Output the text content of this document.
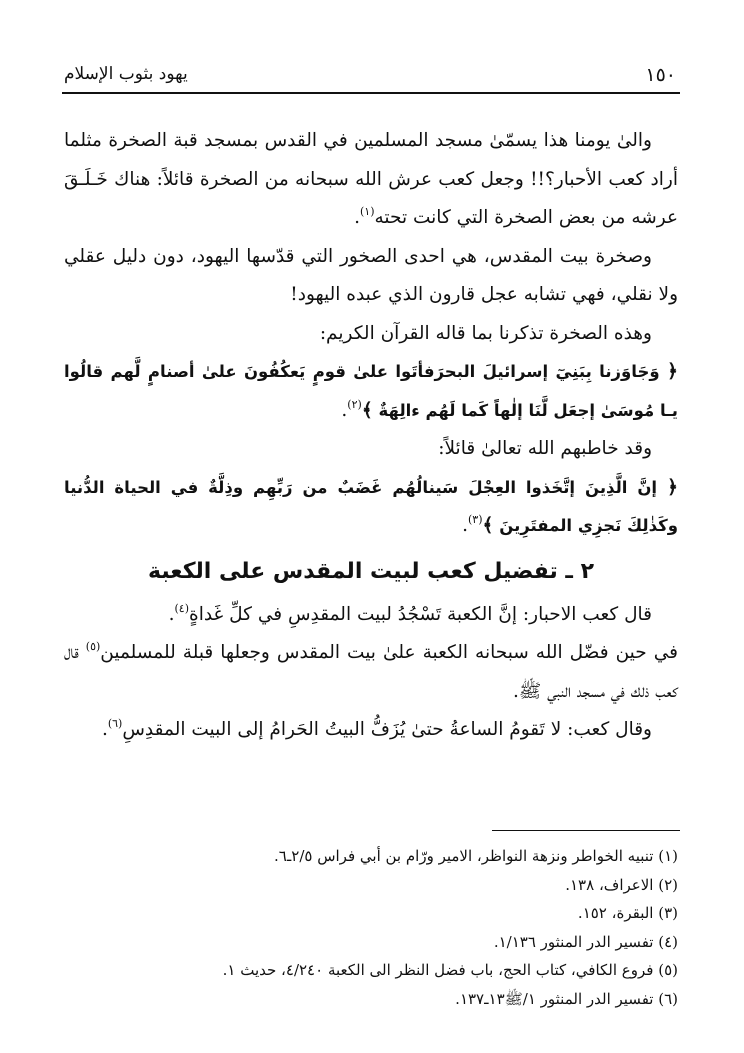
١٥٠
يهود بثوب الإسلام

والىٰ يومنا هذا يسمّىٰ مسجد المسلمين في القدس بمسجد قبة الصخرة مثلما أراد كعب الأحبار؟!! وجعل كعب عرش الله سبحانه من الصخرة قائلاً: هناك خَـلَـقَ عرشه من بعض الصخرة التي كانت تحته$^{(١)}$.

وصخرة بيت المقدس، هي احدى الصخور التي قدّسها اليهود، دون دليل عقلي ولا نقلي، فهي تشابه عجل قارون الذي عبده اليهود!

وهذه الصخرة تذكرنا بما قاله القرآن الكريم:

﴿ وَجَاوَزنا بِبَنِيٓ إسرائيلَ البحرَفأتَوا علىٰ قومٍ يَعكُفُونَ علىٰ أصنامٍ لَّهم قالُوا يـا مُوسَىٰ إجعَل لَّنَا إلٰهاً كَما لَهُم ءالِهَةٌ ﴾$^{(٢)}$.

وقد خاطبهم الله تعالىٰ قائلاً:

﴿ إنَّ الَّذِينَ إتَّخَذوا العِجْلَ سَينالُهُم غَضَبٌ من رَبِّهِم وذِلَّةٌ في الحياة الدُّنيا وكَذٰلِكَ نَجزِي المفتَرِينَ ﴾$^{(٣)}$.

٢ ـ تفضيل كعب لبيت المقدس على الكعبة

قال كعب الاحبار: إنَّ الكعبة تَسْجُدُ لبيت المقدِسِ في كلِّ غَداةٍ$^{(٤)}$.

في حين فضّل الله سبحانه الكعبة علىٰ بيت المقدس وجعلها قبلة للمسلمين$^{(٥)}$ قال كعب ذلك في مسجد النبي ﷺ.

وقال كعب: لا تَقومُ الساعةُ حتىٰ يُزَفُّ البيتُ الحَرامُ إلى البيت المقدِسِ$^{(٦)}$.

(١) تنبيه الخواطر ونزهة النواظر، الامير ورّام بن أبي فراس ٢/٥ـ٦.
(٢) الاعراف، ١٣٨.
(٣) البقرة، ١٥٢.
(٤) تفسير الدر المنثور ١/١٣٦.
(٥) فروع الكافي، كتاب الحج، باب فضل النظر الى الكعبة ٤/٢٤٠، حديث ١.
(٦) تفسير الدر المنثور ١/ﷺ١٣ـ١٣٧.
